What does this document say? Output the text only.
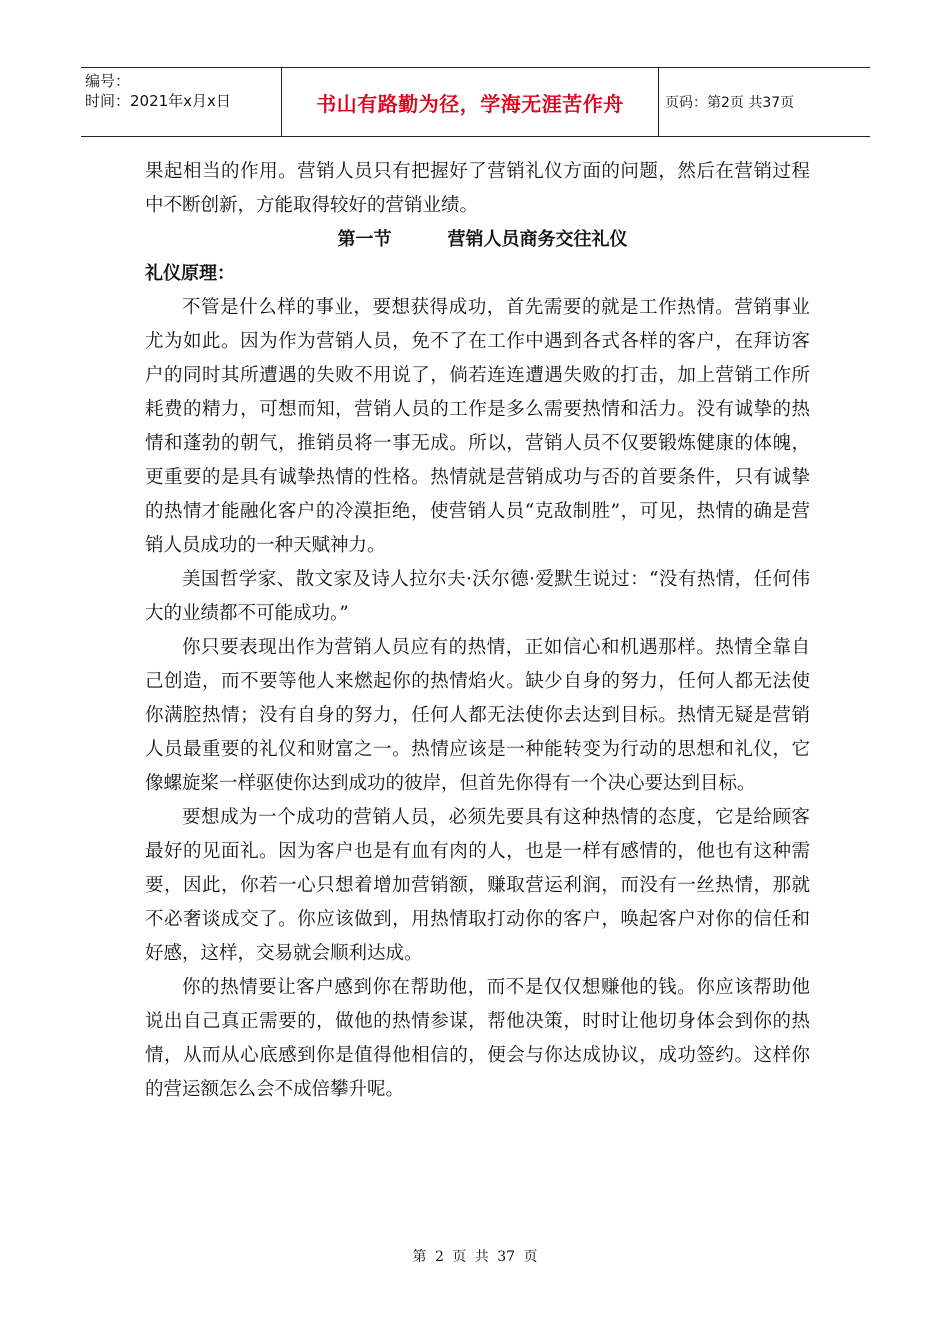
编号：
时间：2021年x月x日	书山有路勤为径，学海无涯苦作舟	页码：第2页 共37页

果起相当的作用。营销人员只有把握好了营销礼仪方面的问题，然后在营销过程中不断创新，方能取得较好的营销业绩。

第一节	营销人员商务交往礼仪

礼仪原理：

不管是什么样的事业，要想获得成功，首先需要的就是工作热情。营销事业尤为如此。因为作为营销人员，免不了在工作中遇到各式各样的客户，在拜访客户的同时其所遭遇的失败不用说了，倘若连连遭遇失败的打击，加上营销工作所耗费的精力，可想而知，营销人员的工作是多么需要热情和活力。没有诚挚的热情和蓬勃的朝气，推销员将一事无成。所以，营销人员不仅要锻炼健康的体魄，更重要的是具有诚挚热情的性格。热情就是营销成功与否的首要条件，只有诚挚的热情才能融化客户的冷漠拒绝，使营销人员“克敌制胜”，可见，热情的确是营销人员成功的一种天赋神力。

美国哲学家、散文家及诗人拉尔夫·沃尔德·爱默生说过：“没有热情，任何伟大的业绩都不可能成功。”

你只要表现出作为营销人员应有的热情，正如信心和机遇那样。热情全靠自己创造，而不要等他人来燃起你的热情焰火。缺少自身的努力，任何人都无法使你满腔热情；没有自身的努力，任何人都无法使你去达到目标。热情无疑是营销人员最重要的礼仪和财富之一。热情应该是一种能转变为行动的思想和礼仪，它像螺旋桨一样驱使你达到成功的彼岸，但首先你得有一个决心要达到目标。

要想成为一个成功的营销人员，必须先要具有这种热情的态度，它是给顾客最好的见面礼。因为客户也是有血有肉的人，也是一样有感情的，他也有这种需要，因此，你若一心只想着增加营销额，赚取营运利润，而没有一丝热情，那就不必奢谈成交了。你应该做到，用热情取打动你的客户，唤起客户对你的信任和好感，这样，交易就会顺利达成。

你的热情要让客户感到你在帮助他，而不是仅仅想赚他的钱。你应该帮助他说出自己真正需要的，做他的热情参谋，帮他决策，时时让他切身体会到你的热情，从而从心底感到你是值得他相信的，便会与你达成协议，成功签约。这样你的营运额怎么会不成倍攀升呢。

第 2 页 共 37 页
